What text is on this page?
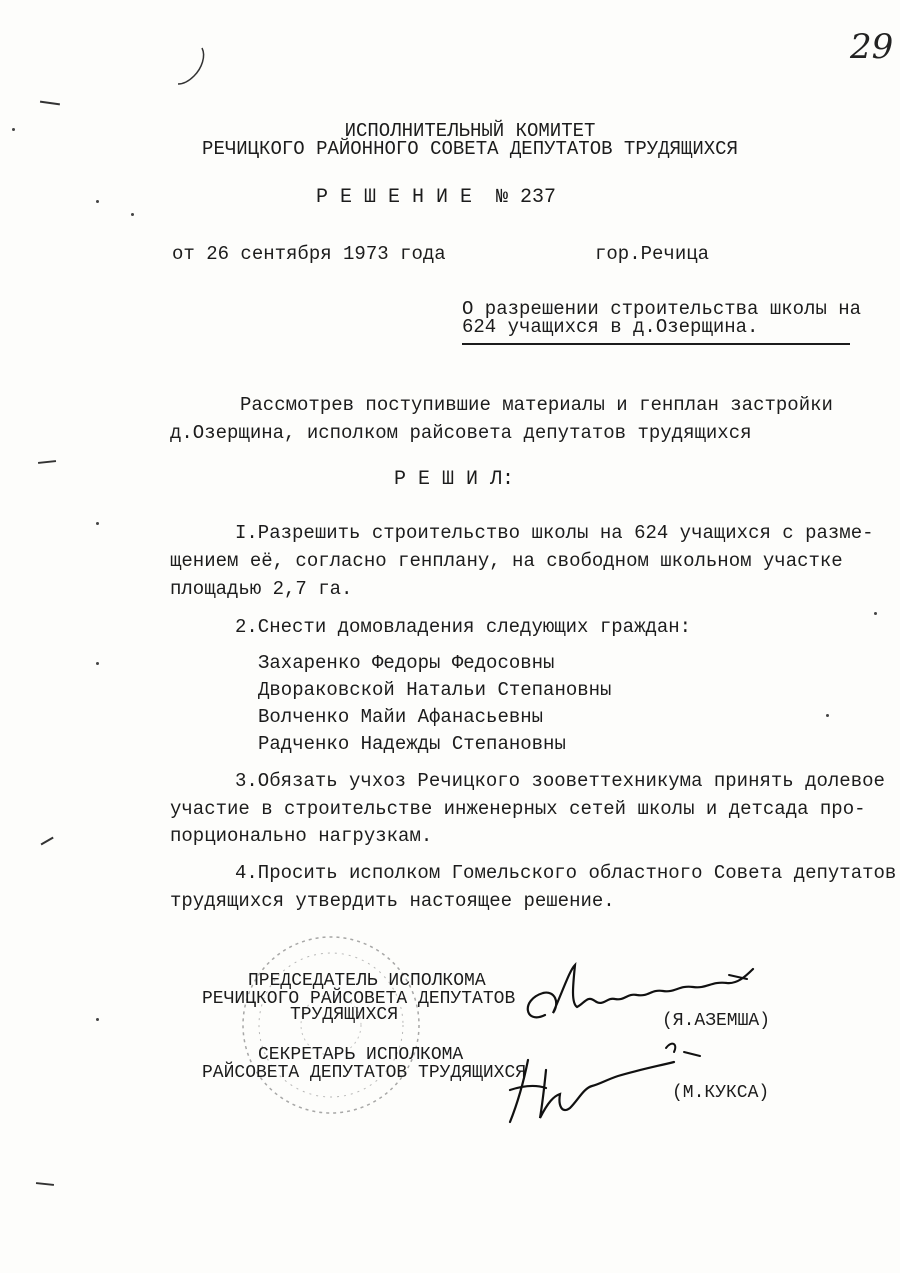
29
ИСПОЛНИТЕЛЬНЫЙ КОМИТЕТ
РЕЧИЦКОГО РАЙОННОГО СОВЕТА ДЕПУТАТОВ ТРУДЯЩИХСЯ
Р Е Ш Е Н И Е  № 237
от 26 сентября 1973 года	гор.Речица
О разрешении строительства школы на
624 учащихся в д.Озерщина.
Рассмотрев поступившие материалы и генплан застройки
д.Озерщина, исполком райсовета депутатов трудящихся
Р Е Ш И Л:
I.Разрешить строительство школы на 624 учащихся с разме-
щением её, согласно генплану, на свободном школьном участке
площадью 2,7 га.
2.Снести домовладения следующих граждан:
Захаренко Федоры Федосовны
Двораковской Натальи Степановны
Волченко Майи Афанасьевны
Радченко Надежды Степановны
3.Обязать учхоз Речицкого зооветтехникума принять долевое
участие в строительстве инженерных сетей школы и детсада про-
порционально нагрузкам.
4.Просить исполком Гомельского областного Совета депутатов
трудящихся утвердить настоящее решение.
ПРЕДСЕДАТЕЛЬ ИСПОЛКОМА
РЕЧИЦКОГО РАЙСОВЕТА ДЕПУТАТОВ
ТРУДЯЩИХСЯ	(Я.АЗЕМША)
СЕКРЕТАРЬ ИСПОЛКОМА
РАЙСОВЕТА ДЕПУТАТОВ ТРУДЯЩИХСЯ
(М.КУКСА)
